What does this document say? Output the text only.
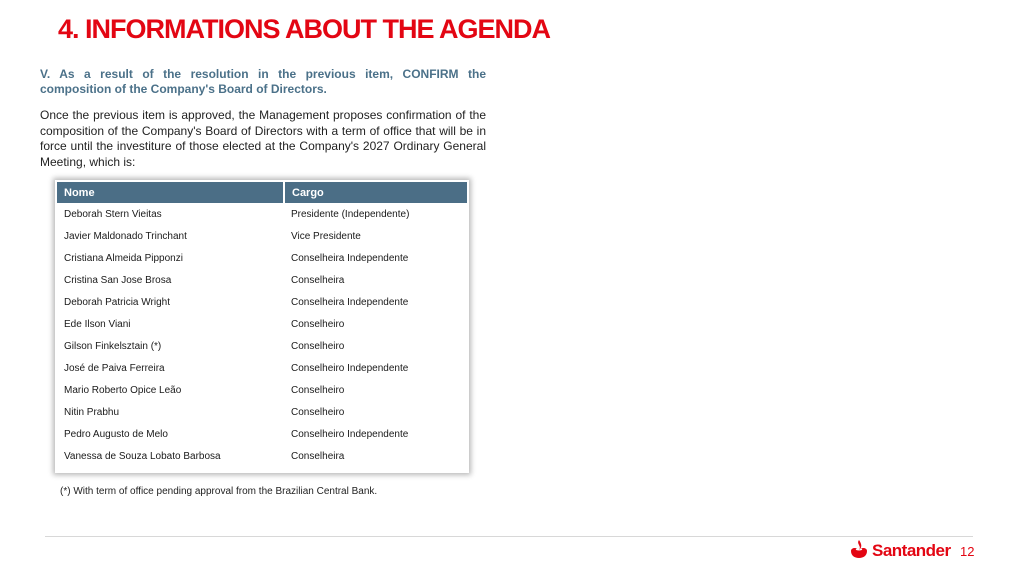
4. INFORMATIONS ABOUT THE AGENDA
V. As a result of the resolution in the previous item, CONFIRM the composition of the Company's Board of Directors.
Once the previous item is approved, the Management proposes confirmation of the composition of the Company's Board of Directors with a term of office that will be in force until the investiture of those elected at the Company's 2027 Ordinary General Meeting, which is:
Nome	Cargo
Deborah Stern Vieitas	Presidente (Independente)
Javier Maldonado Trinchant	Vice Presidente
Cristiana Almeida Pipponzi	Conselheira Independente
Cristina San Jose Brosa	Conselheira
Deborah Patricia Wright	Conselheira Independente
Ede Ilson Viani	Conselheiro
Gilson Finkelsztain (*)	Conselheiro
José de Paiva Ferreira	Conselheiro Independente
Mario Roberto Opice Leão	Conselheiro
Nitin Prabhu	Conselheiro
Pedro Augusto de Melo	Conselheiro Independente
Vanessa de Souza Lobato Barbosa	Conselheira
(*) With term of office pending approval from the Brazilian Central Bank.
Santander 12
